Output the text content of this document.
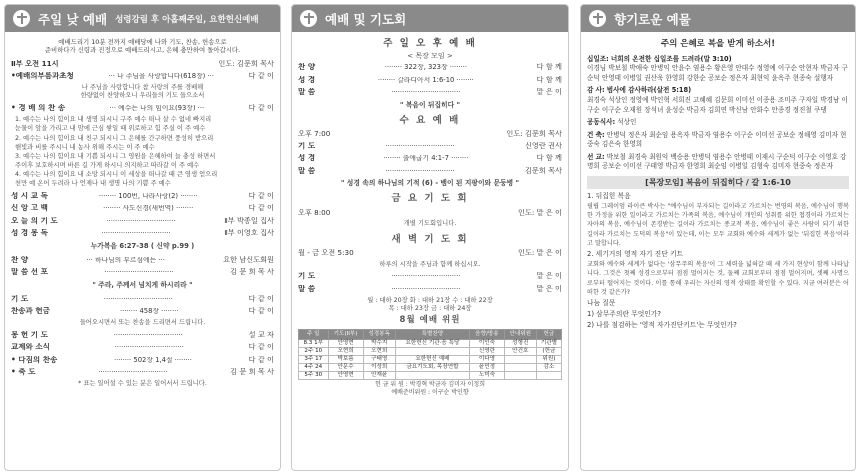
주일 낮 예배 성령강림 후 아홉째주일, 요한헌신예배
예배드리기 10분 전까지 예배당에 나와 기도, 찬송, 헌송으로
준비하다가 신령과 진정으로 예배드리시고, 은혜 충만하여 돌아갑시다.
Ⅱ부 오전 11시	인도: 김문희 목사
•예배의부름과초청	··· 나 주님을 사랑합니다(618장) ···	다 같 이
나 주님을 사랑합니다 참 사랑의 주를 경배해
한량없이 찬양하오니 우리들의 기도 들으소서
• 경 배 의 찬 송	··· 예수는 나의 힘이요(93장) ···	다 같 이
1. 예수는 나의 힘이요 내 생명 되시니 구주 예수 떠나 살 수 없네 빠지리
눈물이 앞을 가리고 내 맘에 근심 쌓일 때 위로하고 힘 주실 이 주 예수
2. 예수는 나의 힘이요 내 친구 되시니 그 은혜를 간구하면 풍성히 받으리
핸빛과 비를 주시니 내 농사 위해 주시는 이 주 예수
3. 예수는 나의 힘이요 내 기쁨 되시니 그 영원을 은혜하여 늘 충성 하면서
주이후 보호하시며 바른 길 가게 하시니 의지하고 따라갈 이 주 예수
4. 예수는 나의 힘이요 내 소망 되시니 이 세상을 떠나갈 때 큰 영생 얻으리
천만 예 온어 두려라 나 언제나 내 생명 나의 기쁨 주 예수
성 시 교 독	········ 100번, 나라사랑(2) ········	다 같 이
신 앙 고 백	········ 사도신경(새번역) ········	다 같 이
오 늘 의 기 도	································	Ⅱ부 박종일 집사
성 경 봉 독	································	Ⅱ부 이영호 집사
누가복음 6:27-38 ( 신약 p.99 )
찬 양	··· 하나님의 부르심에는 ···	요한 남신도회원
말 씀 선 포	································	김 문 희 목 사
" 주라, 주께서 넘치게 하시리라 "
기 도	································	다 같 이
찬송과 헌금	········ 458장 ········	다 같 이
들어오시면서 또는 찬송을 드리면서 드립니다.
봉 헌 기 도	································	설 교 자
교제와 소식	································	다 같 이
• 다짐의 찬송	········ 502장 1,4절 ········	다 같 이
• 축 도	································	김 문 희 목 사
* 표는 일어설 수 있는 분은 일어서서 드립니다.
예배 및 기도회
주 일 오 후 예 배
< 목장 모임 >
찬 양	········ 322장, 323장 ········	다 함 께
성 경	········ 갈라디아서 1:6-10 ········	다 함 께
말 씀	································	맡 은 이
" 복음이 뒤집히다 "
수 요 예 배
오후 7:00	인도: 김문희 목사
기 도	································	신영란 권사
성 경	········ 출애굽기 4:1-7 ········	다 함 께
말 씀	································	김문희 목사
" 성경 속의 하나님의 기적 (6) - 뱀이 된 지팡이와 문둥병 "
금 요 기 도 회
오후 8:00	인도: 맡 은 이
개별 기도회입니다.
새 벽 기 도 회
월 - 금 오전 5:30	인도: 맡 은 이
하루의 시작을 주님과 함께 하십시오.
기 도	································	맡 은 이
말 씀	································	맡 은 이
월 : 대하 20장 화 : 대하 21장 수 : 대하 22장
목 : 대하 23장 금 : 대하 24장
8월 예배 위원
주 일	기도(II부)	성경봉독	특별찬양	음향/방송	안내위원	헌금
8.3 1부	안영현	박수지	요한헌신 기관·음 특당	이인숙	성형진	기관별
2주 10	오현희	오현희		신영란	안건호	(헌금
3주 17	박보름	구태영	요한헌신 예배	이다영		위원)
4주 24	안문수	이성희	금요기도회, 목장연합	윤민정		감소
5주 30	안영현	안재윤		노미숙		
헌 금 위 원 : 박경혁 박금자 김미자 이정희
예배준비위원 : 이구순 박인향
향기로운 예물
주의 은혜로 복을 받게 하소서!
십일조: 너희의 온전한 십일조를 드려라(말 3:10)
이경님 박보철 박애숙 안병익 안윤수 염용수 황은영 안대수 정영예 이구순 안현자 박금자 구순덕 안영태 이병일 권산욱 한영희 강한순 공보순 정은자 최현익 윤옥주 현종숙 설행자
감 사: 범사에 감사하라(살전 5:18)
최경숙 석상인 정영예 박인혁 서희진 고혜혜 김문희 이미선 이종용 조미주 구자일 박경남 이구순 이구순 오재원 장석녀 윤성순 박금자 김희연 박신남 안화수 안종경 정진철 쿠댕
공동식사: 석상인
건 축: 안병덕 정은자 최순임 용옥자 박금자 염용수 이구순 이미선 공보순 정해영 김미자 현중숙 김은숙 한영희
선 교: 박보철 최경숙 최원익 백승용 안병덕 염용수 안병태 이재시 구순덕 이구순 이영호 강명희 공보순 이미선 구태영 박금자 한영희 최순임 이병일 김형숙 김미자 현중숙 정은자
[목장모임] 복음이 뒤집히다 / 갈 1:6-10
1. 뒤집힌 복음
필립 그레이엄 라이큰 박사는 "예수님이 부자되는 길이라고 가르치는 번영의 복음, 예수님이 행복한 가정을 위한 일이라고 가르치는 가족의 복음, 예수님이 개인의 성취를 위한 첩경이라 가르치는 자아의 복음, 예수님이 존경받는 길이라 가르치는 종교적 복음, 예수님이 좋은 사람이 되기 위한 길이라 가르치는 도덕의 복음"이 있는데, 이는 모두 교회와 예수와 세계가 없는 '뒤집힌 복음'이라고 말합니다.
2. 세기거의 영적 자기 진단 키트
교회와 예수와 세계가 없다는 '삼무주의 복음'이 그 세력을 넓혀갈 때 세 가지 현상이 함께 나타납니다. 그것은 첫째 성경으로부터 점점 멀어지는 것, 둘째 교회로부터 점점 멀어지며, 셋째 사명으로부터 떨어지는 것이다. 이를 통해 우리는 자신의 영적 상태를 확인할 수 있다. 지금 여러분은 어떠한 것 같은가?
나눔 질문
1) 삼무주의란 무엇인가?
2) 나를 점검하는 '영적 자가진단키트'는 무엇인가?
